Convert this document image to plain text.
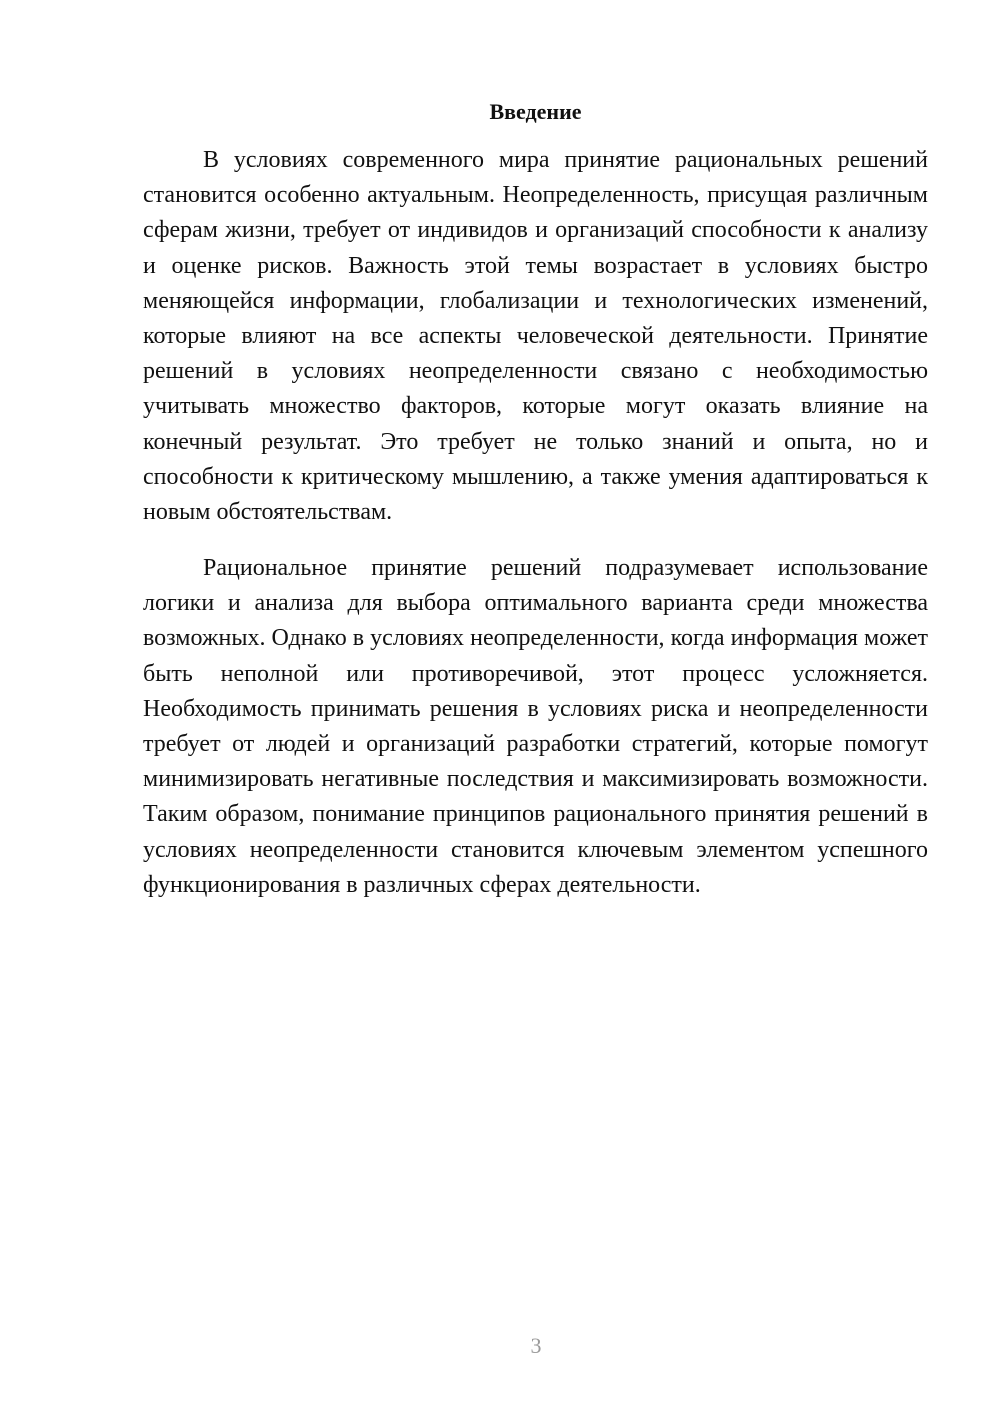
Введение

В условиях современного мира принятие рациональных решений становится особенно актуальным. Неопределенность, присущая различным сферам жизни, требует от индивидов и организаций способности к анализу и оценке рисков. Важность этой темы возрастает в условиях быстро меняющейся информации, глобализации и технологических изменений, которые влияют на все аспекты человеческой деятельности. Принятие решений в условиях неопределенности связано с необходимостью учитывать множество факторов, которые могут оказать влияние на конечный результат. Это требует не только знаний и опыта, но и способности к критическому мышлению, а также умения адаптироваться к новым обстоятельствам.

Рациональное принятие решений подразумевает использование логики и анализа для выбора оптимального варианта среди множества возможных. Однако в условиях неопределенности, когда информация может быть неполной или противоречивой, этот процесс усложняется. Необходимость принимать решения в условиях риска и неопределенности требует от людей и организаций разработки стратегий, которые помогут минимизировать негативные последствия и максимизировать возможности. Таким образом, понимание принципов рационального принятия решений в условиях неопределенности становится ключевым элементом успешного функционирования в различных сферах деятельности.

3
